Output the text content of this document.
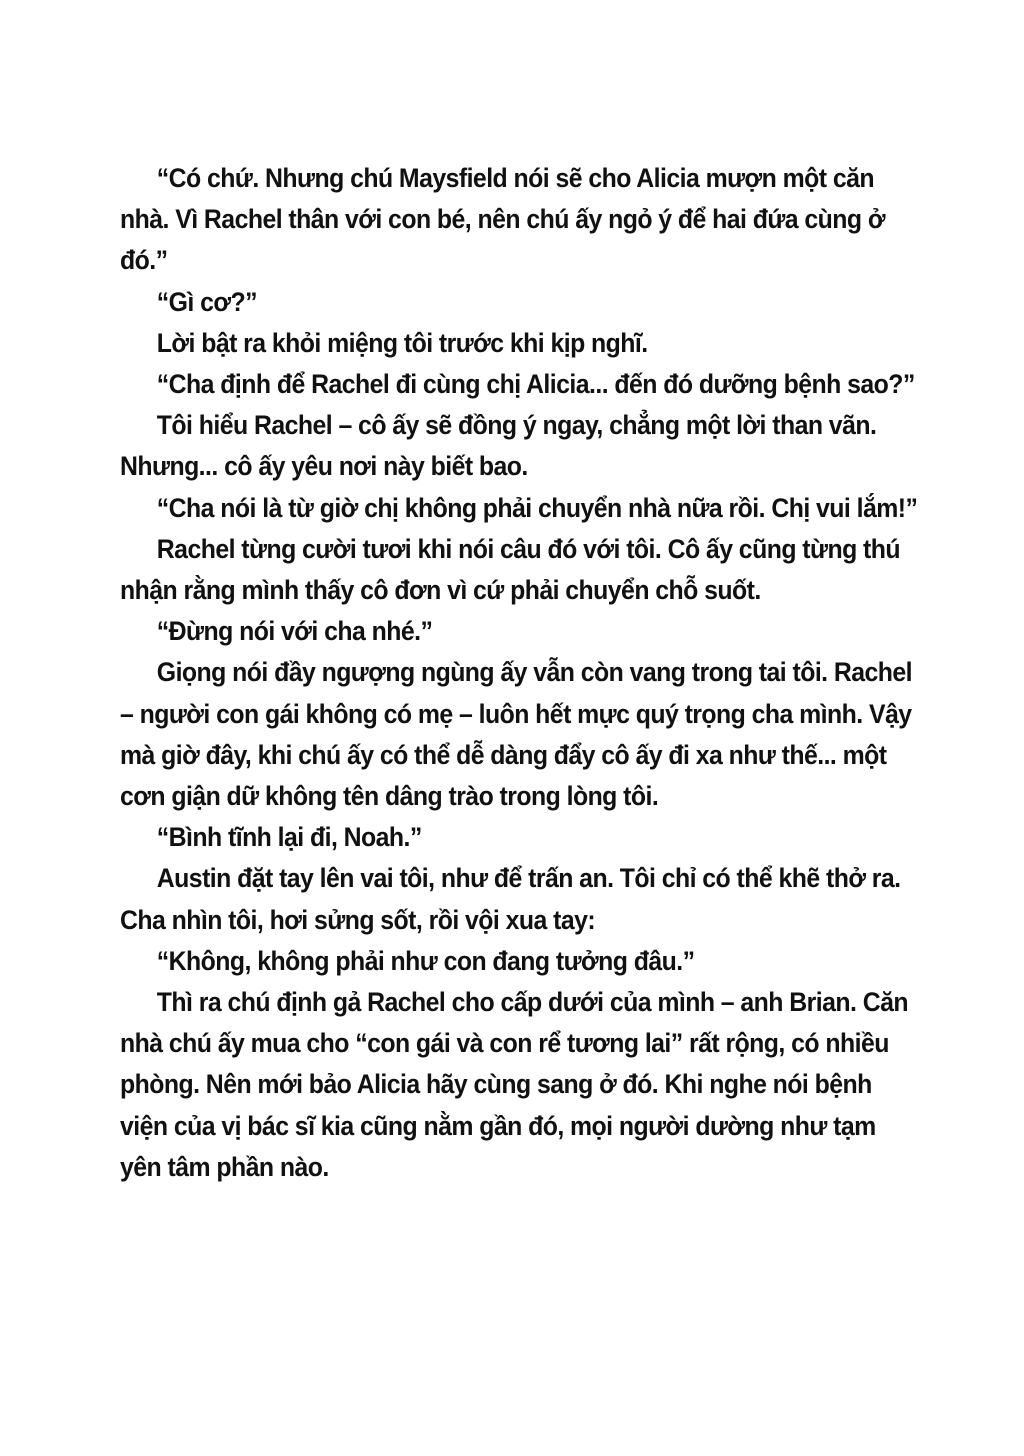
“Có chứ. Nhưng chú Maysfield nói sẽ cho Alicia mượn một căn nhà. Vì Rachel thân với con bé, nên chú ấy ngỏ ý để hai đứa cùng ở đó.”

“Gì cơ?”

Lời bật ra khỏi miệng tôi trước khi kịp nghĩ.

“Cha định để Rachel đi cùng chị Alicia... đến đó dưỡng bệnh sao?”

Tôi hiểu Rachel – cô ấy sẽ đồng ý ngay, chẳng một lời than vãn. Nhưng... cô ấy yêu nơi này biết bao.

“Cha nói là từ giờ chị không phải chuyển nhà nữa rồi. Chị vui lắm!”

Rachel từng cười tươi khi nói câu đó với tôi. Cô ấy cũng từng thú nhận rằng mình thấy cô đơn vì cứ phải chuyển chỗ suốt.

“Đừng nói với cha nhé.”

Giọng nói đầy ngượng ngùng ấy vẫn còn vang trong tai tôi. Rachel – người con gái không có mẹ – luôn hết mực quý trọng cha mình. Vậy mà giờ đây, khi chú ấy có thể dễ dàng đẩy cô ấy đi xa như thế... một cơn giận dữ không tên dâng trào trong lòng tôi.

“Bình tĩnh lại đi, Noah.”

Austin đặt tay lên vai tôi, như để trấn an. Tôi chỉ có thể khẽ thở ra. Cha nhìn tôi, hơi sửng sốt, rồi vội xua tay:

“Không, không phải như con đang tưởng đâu.”

Thì ra chú định gả Rachel cho cấp dưới của mình – anh Brian. Căn nhà chú ấy mua cho “con gái và con rể tương lai” rất rộng, có nhiều phòng. Nên mới bảo Alicia hãy cùng sang ở đó. Khi nghe nói bệnh viện của vị bác sĩ kia cũng nằm gần đó, mọi người dường như tạm yên tâm phần nào.
